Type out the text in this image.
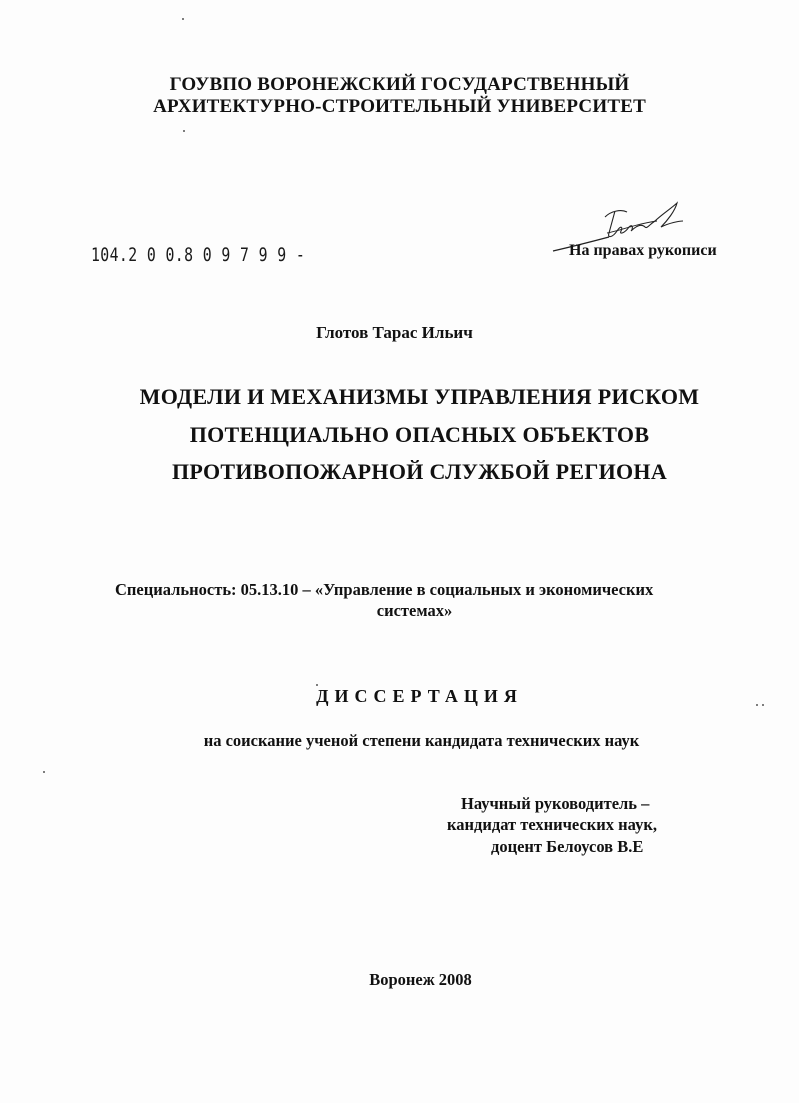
ГОУВПО ВОРОНЕЖСКИЙ ГОСУДАРСТВЕННЫЙ
АРХИТЕКТУРНО-СТРОИТЕЛЬНЫЙ УНИВЕРСИТЕТ
104.2 0 0.8 0 9 7 9 9 -	На правах рукописи
Глотов Тарас Ильич
МОДЕЛИ И МЕХАНИЗМЫ УПРАВЛЕНИЯ РИСКОМ
ПОТЕНЦИАЛЬНО ОПАСНЫХ ОБЪЕКТОВ
ПРОТИВОПОЖАРНОЙ СЛУЖБОЙ РЕГИОНА
Специальность: 05.13.10 – «Управление в социальных и экономических
системах»
ДИССЕРТАЦИЯ
на соискание ученой степени кандидата технических наук
Научный руководитель –
кандидат технических наук,
доцент Белоусов В.Е
Воронеж 2008
